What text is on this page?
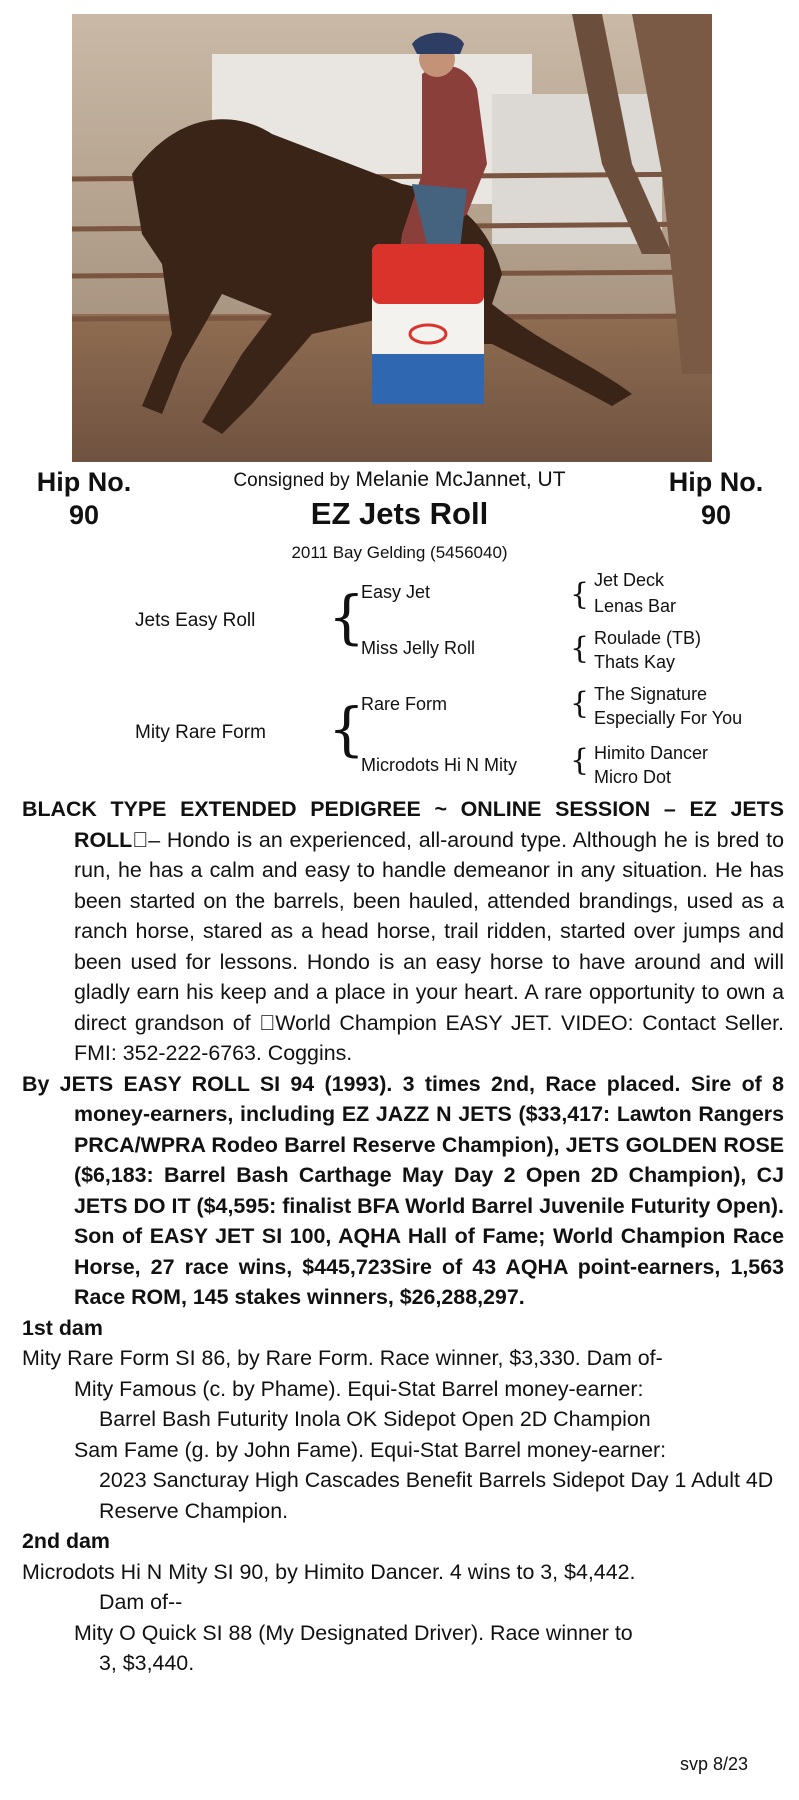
Hip No.
90
Hip No.
90
Consigned by Melanie McJannet, UT
EZ Jets Roll
2011 Bay Gelding (5456040)
Jets Easy Roll
Mity Rare Form
{
{
Easy Jet
Miss Jelly Roll
Rare Form
Microdots Hi N Mity
{
{
{
{
Jet Deck
Lenas Bar
Roulade (TB)
Thats Kay
The Signature
Especially For You
Himito Dancer
Micro Dot

BLACK TYPE EXTENDED PEDIGREE ~ ONLINE SESSION – EZ JETS ROLL – Hondo is an experienced, all-around type. Although he is bred to run, he has a calm and easy to handle demeanor in any situation. He has been started on the barrels, been hauled, attended brandings, used as a ranch horse, stared as a head horse, trail ridden, started over jumps and been used for lessons. Hondo is an easy horse to have around and will gladly earn his keep and a place in your heart. A rare opportunity to own a direct grandson of  World Champion EASY JET. VIDEO: Contact Seller. FMI: 352-222-6763. Coggins.

By JETS EASY ROLL SI 94 (1993). 3 times 2nd, Race placed. Sire of 8 money-earners, including EZ JAZZ N JETS ($33,417: Lawton Rangers PRCA/WPRA Rodeo Barrel Reserve Champion), JETS GOLDEN ROSE ($6,183: Barrel Bash Carthage May Day 2 Open 2D Champion), CJ JETS DO IT ($4,595: finalist BFA World Barrel Juvenile Futurity Open). Son of EASY JET SI 100, AQHA Hall of Fame; World Champion Race Horse, 27 race wins, $445,723Sire of 43 AQHA point-earners, 1,563 Race ROM, 145 stakes winners, $26,288,297.

1st dam

Mity Rare Form SI 86, by Rare Form. Race winner, $3,330. Dam of-

Mity Famous (c. by Phame). Equi-Stat Barrel money-earner:

Barrel Bash Futurity Inola OK Sidepot Open 2D Champion

Sam Fame (g. by John Fame). Equi-Stat Barrel money-earner:

2023 Sancturay High Cascades Benefit Barrels Sidepot Day 1 Adult 4D Reserve Champion.

2nd dam

Microdots Hi N Mity SI 90, by Himito Dancer. 4 wins to 3, $4,442.

Dam of--

Mity O Quick SI 88 (My Designated Driver). Race winner to

3, $3,440.

svp 8/23
